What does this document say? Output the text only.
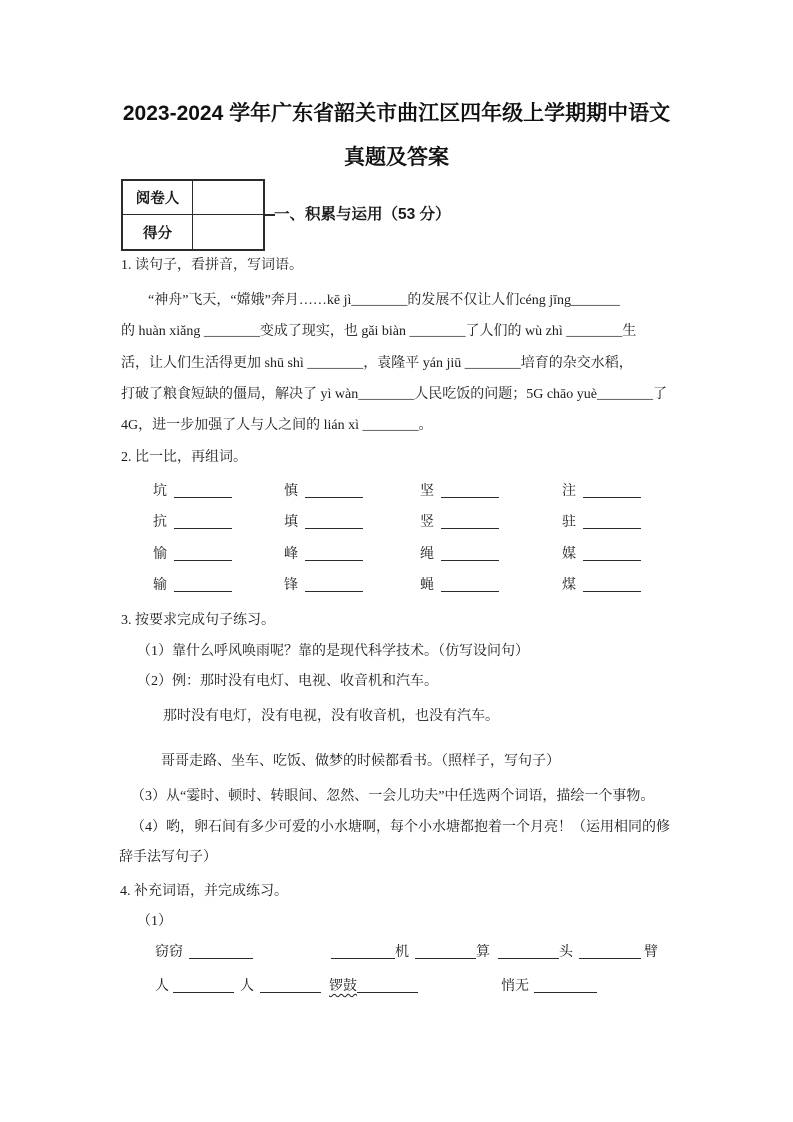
2023-2024 学年广东省韶关市曲江区四年级上学期期中语文
真题及答案
阅卷人
得分
一、积累与运用（53 分）
1. 读句子，看拼音，写词语。
“神舟”飞天，“嫦娥”奔月……kē jì________的发展不仅让人们céng jīng_______
的 huàn xiǎng ________变成了现实，也 gǎi biàn ________了人们的 wù zhì ________生
活，让人们生活得更加 shū shì ________，袁隆平 yán jiū ________培育的杂交水稻，
打破了粮食短缺的僵局，解决了 yì wàn________人民吃饭的问题；5G chāo yuè________了
4G，进一步加强了人与人之间的 lián xì ________。
2. 比一比，再组词。
坑	慎	坚	注
抗	填	竖	驻
愉	峰	绳	媒
输	锋	蝇	煤
3. 按要求完成句子练习。
（1）靠什么呼风唤雨呢？靠的是现代科学技术。（仿写设问句）
（2）例：那时没有电灯、电视、收音机和汽车。
那时没有电灯，没有电视，没有收音机，也没有汽车。
哥哥走路、坐车、吃饭、做梦的时候都看书。（照样子，写句子）
（3）从“霎时、顿时、转眼间、忽然、一会儿功夫”中任选两个词语，描绘一个事物。
（4）哟，卵石间有多少可爱的小水塘啊，每个小水塘都抱着一个月亮！（运用相同的修
辞手法写句子）
4. 补充词语，并完成练习。
（1）
窃窃	机	算	头	臂
人	人	锣鼓	悄无
